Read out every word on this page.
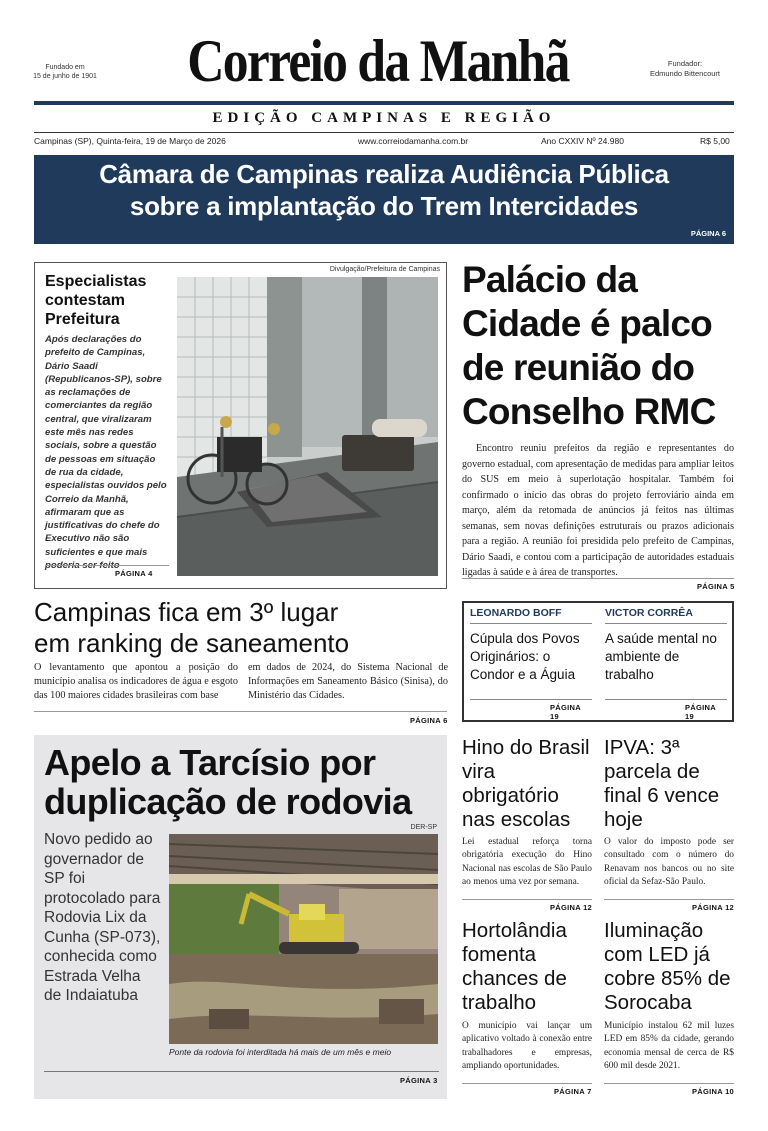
Fundado em
15 de junho de 1901 Correio da Manhã	Fundador:
Edmundo Bittencourt
EDIÇÃO CAMPINAS E REGIÃO
Campinas (SP), Quinta-feira, 19 de Março de 2026	www.correiodamanha.com.br	Ano CXXIV Nº 24.980	R$ 5,00
Câmara de Campinas realiza Audiência Pública
sobre a implantação do Trem Intercidades
PÁGINA 6
Especialistas contestam Prefeitura
Após declarações do prefeito de Campinas, Dário Saadi (Republicanos-SP), sobre as reclamações de comerciantes da região central, que viralizaram este mês nas redes sociais, sobre a questão de pessoas em situação de rua da cidade, especialistas ouvidos pelo Correio da Manhã, afirmaram que as justificativas do chefe do Executivo não são suficientes e que mais
PÁGINA 4
Divulgação/Prefeitura de Campinas Palácio da Cidade é palco de reunião do Conselho RMC
Encontro reuniu prefeitos da região e representantes do governo estadual, com apresentação de medidas para ampliar leitos do SUS em meio à superlotação hospitalar. Também foi confirmado o início das obras do projeto ferroviário ainda em março, além da retomada de anúncios já feitos nas últimas semanas, sem novas definições estruturais ou prazos adicionais para a região. A reunião foi presidida pelo prefeito de Campinas, Dário Saadi, e contou com a participação de autoridades estaduais ligadas à saúde e à área de transportes.
PÁGINA 5
Campinas fica em 3º lugar
em ranking de saneamento
O levantamento que apontou a posição do município analisa os indicadores de água e esgoto das 100 maiores cidades brasileiras com base
em dados de 2024, do Sistema Nacional de Informações em Saneamento Básico (Sinisa), do Ministério das Cidades.
PÁGINA 6
LEONARDO BOFF
Cúpula dos Povos Originários: o Condor e a Águia
PÁGINA 19
VICTOR CORRÊA
A saúde mental no ambiente de trabalho
PÁGINA 19
Apelo a Tarcísio por
duplicação de rodovia
Novo pedido ao governador de SP foi protocolado para Rodovia Lix da Cunha (SP-073), conhecida como Estrada Velha de Indaiatuba
DER-SP
Ponte da rodovia foi interditada há mais de um mês e meio
PÁGINA 3
Hino do Brasil vira obrigatório nas escolas
Lei estadual reforça torna obrigatória execução do Hino Nacional nas escolas de São Paulo ao menos uma vez por semana.
PÁGINA 12
IPVA: 3ª parcela de final 6 vence hoje
O valor do imposto pode ser consultado com o número do Renavam nos bancos ou no site oficial da Sefaz-São Paulo.
PÁGINA 12
Hortolândia fomenta chances de trabalho
O município vai lançar um aplicativo voltado à conexão entre trabalhadores e empresas, ampliando oportunidades.
PÁGINA 7
Iluminação com LED já cobre 85% de Sorocaba
Município instalou 62 mil luzes LED em 85% da cidade, gerando economia mensal de cerca de R$ 600 mil desde 2021.
PÁGINA 10
